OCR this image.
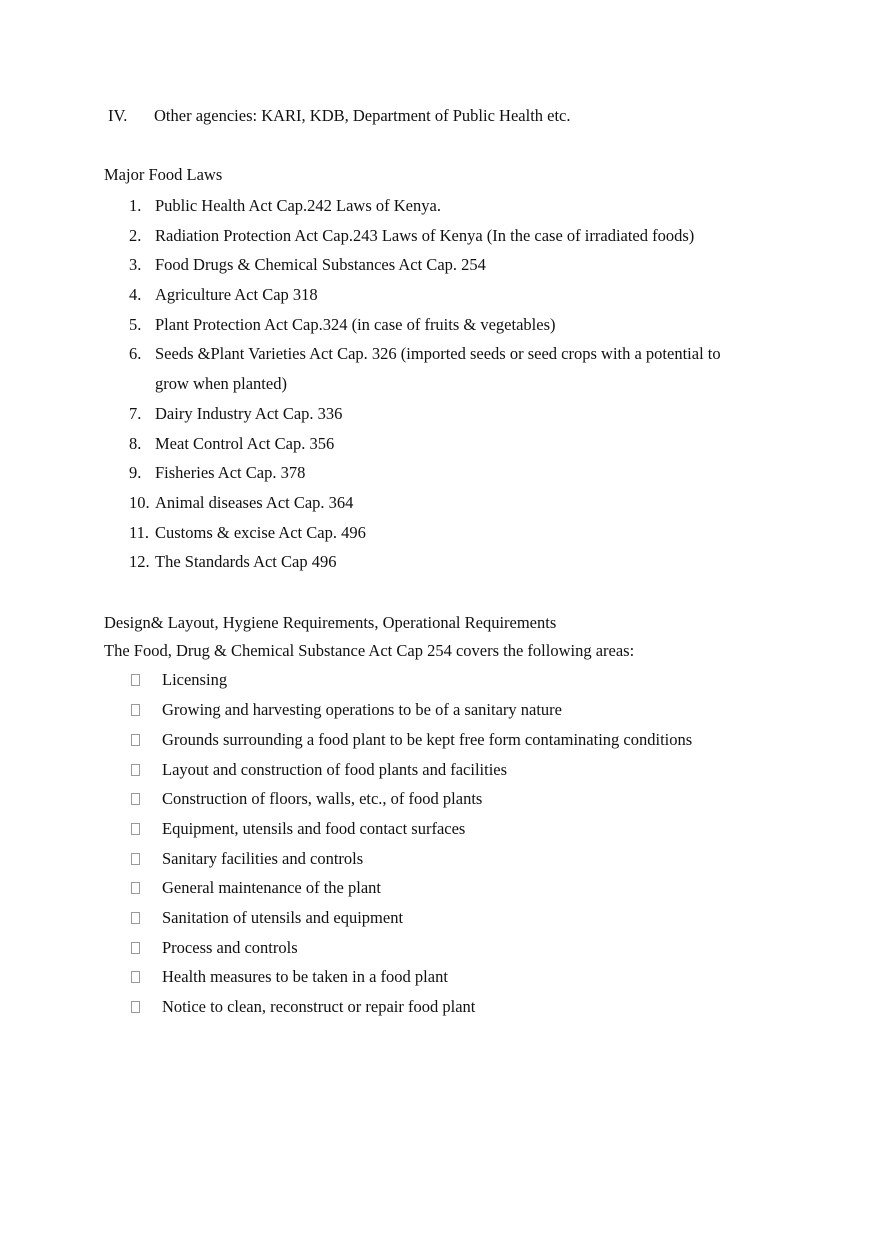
IV. Other agencies: KARI, KDB, Department of Public Health etc.
Major Food Laws
1. Public Health Act Cap.242 Laws of Kenya.
2. Radiation Protection Act Cap.243 Laws of Kenya (In the case of irradiated foods)
3. Food Drugs & Chemical Substances Act Cap. 254
4. Agriculture Act Cap 318
5. Plant Protection Act Cap.324 (in case of fruits & vegetables)
6. Seeds &Plant Varieties Act Cap. 326 (imported seeds or seed crops with a potential to
grow when planted)
7. Dairy Industry Act Cap. 336
8. Meat Control Act Cap. 356
9. Fisheries Act Cap. 378
10. Animal diseases Act Cap. 364
11. Customs & excise Act Cap. 496
12. The Standards Act Cap 496
Design& Layout, Hygiene Requirements, Operational Requirements
The Food, Drug & Chemical Substance Act Cap 254 covers the following areas:
Licensing
Growing and harvesting operations to be of a sanitary nature
Grounds surrounding a food plant to be kept free form contaminating conditions
Layout and construction of food plants and facilities
Construction of floors, walls, etc., of food plants
Equipment, utensils and food contact surfaces
Sanitary facilities and controls
General maintenance of the plant
Sanitation of utensils and equipment
Process and controls
Health measures to be taken in a food plant
Notice to clean, reconstruct or repair food plant
